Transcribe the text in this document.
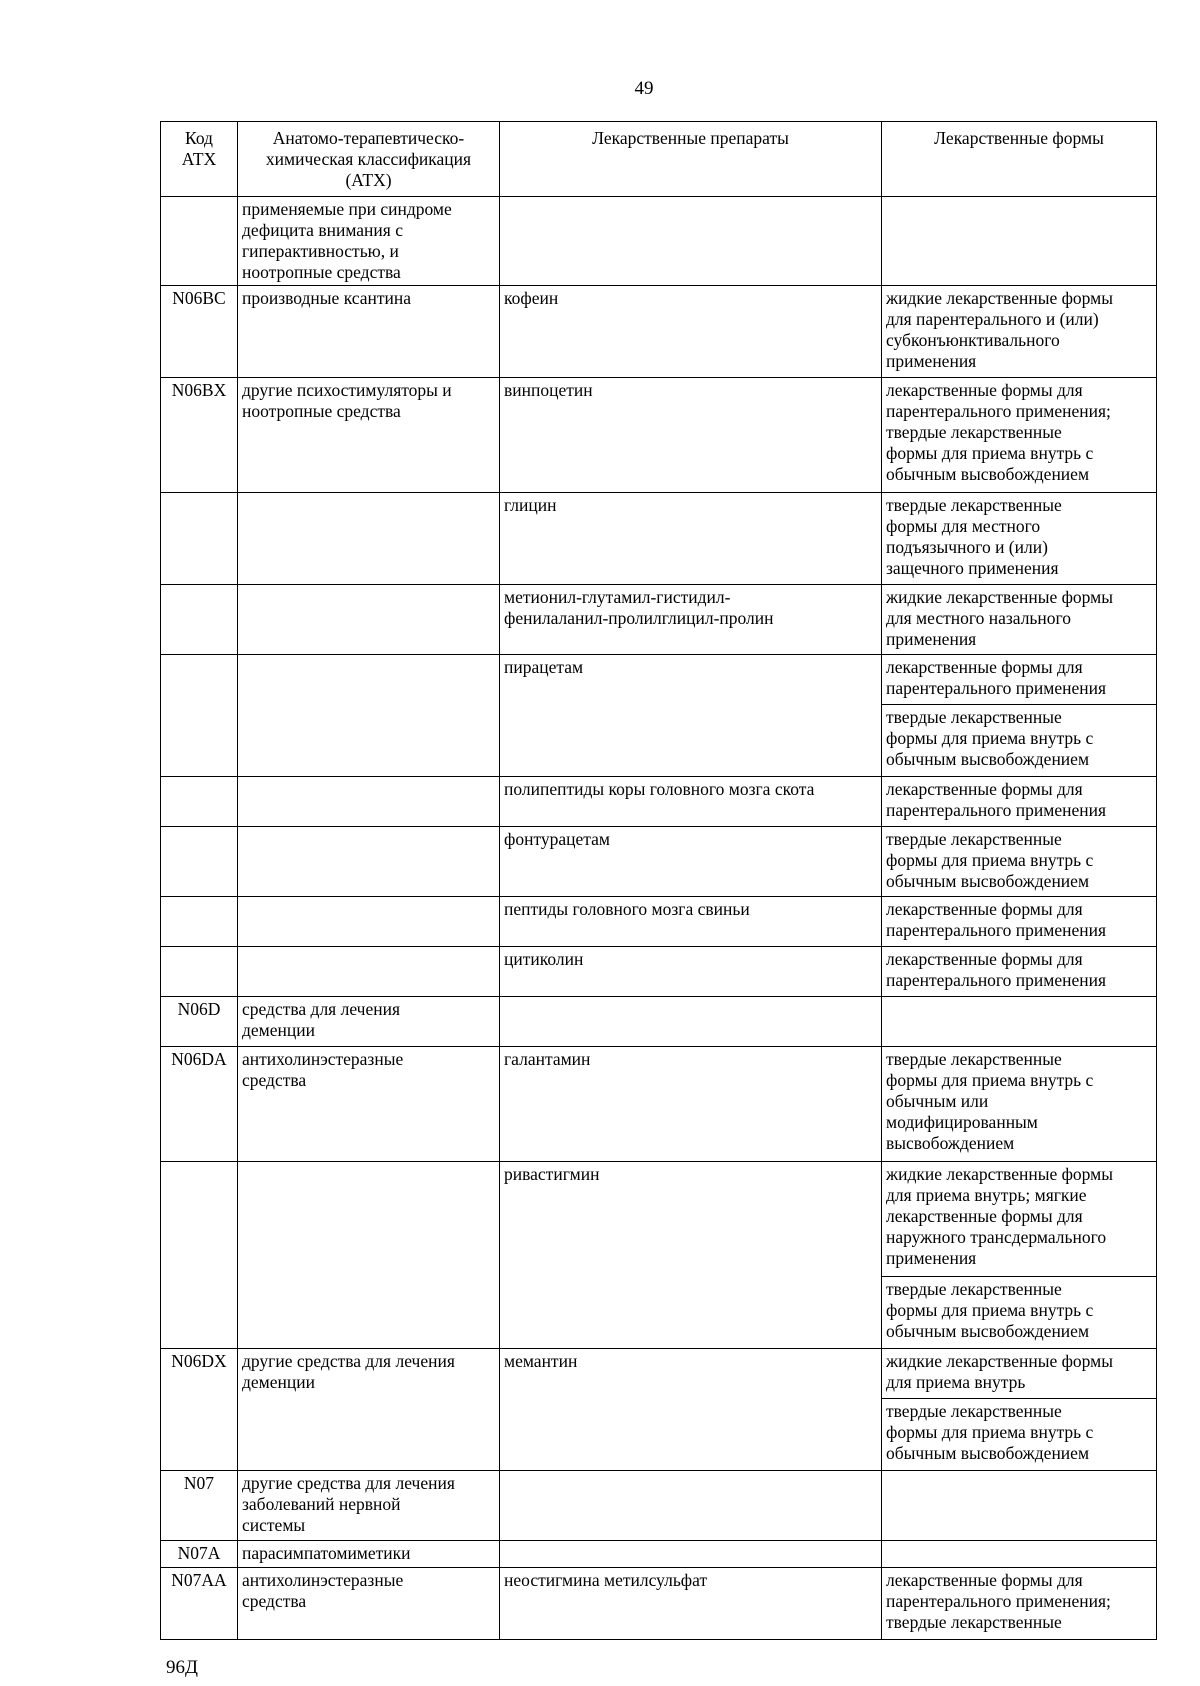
49
Код
АТХ	Анатомо-терапевтическо-химическая классификация (АТХ)	Лекарственные препараты	Лекарственные формы
	применяемые при синдроме
дефицита внимания с
гиперактивностью, и
ноотропные средства		
N06BC	производные ксантина	кофеин	жидкие лекарственные формы
для парентерального и (или)
субконъюнктивального
применения
N06BX	другие психостимуляторы и
ноотропные средства	винпоцетин	лекарственные формы для
парентерального применения;
твердые лекарственные
формы для приема внутрь с
обычным высвобождением
		глицин	твердые лекарственные
формы для местного
подъязычного и (или)
защечного применения
		метионил-глутамил-гистидил-
фенилаланил-пролилглицил-пролин	жидкие лекарственные формы
для местного назального
применения
		пирацетам	лекарственные формы для
парентерального применения
			твердые лекарственные
формы для приема внутрь с
обычным высвобождением
		полипептиды коры головного мозга скота	лекарственные формы для
парентерального применения
		фонтурацетам	твердые лекарственные
формы для приема внутрь с
обычным высвобождением
		пептиды головного мозга свиньи	лекарственные формы для
парентерального применения
		цитиколин	лекарственные формы для
парентерального применения
N06D	средства для лечения
деменции		
N06DA	антихолинэстеразные
средства	галантамин	твердые лекарственные
формы для приема внутрь с
обычным или
модифицированным
высвобождением
		ривастигмин	жидкие лекарственные формы
для приема внутрь; мягкие
лекарственные формы для
наружного трансдермального
применения
			твердые лекарственные
формы для приема внутрь с
обычным высвобождением
N06DX	другие средства для лечения
деменции	мемантин	жидкие лекарственные формы
для приема внутрь
			твердые лекарственные
формы для приема внутрь с
обычным высвобождением
N07	другие средства для лечения
заболеваний нервной
системы		
N07A	парасимпатомиметики		
N07AA	антихолинэстеразные
средства	неостигмина метилсульфат	лекарственные формы для
парентерального применения;
твердые лекарственные
96Д
